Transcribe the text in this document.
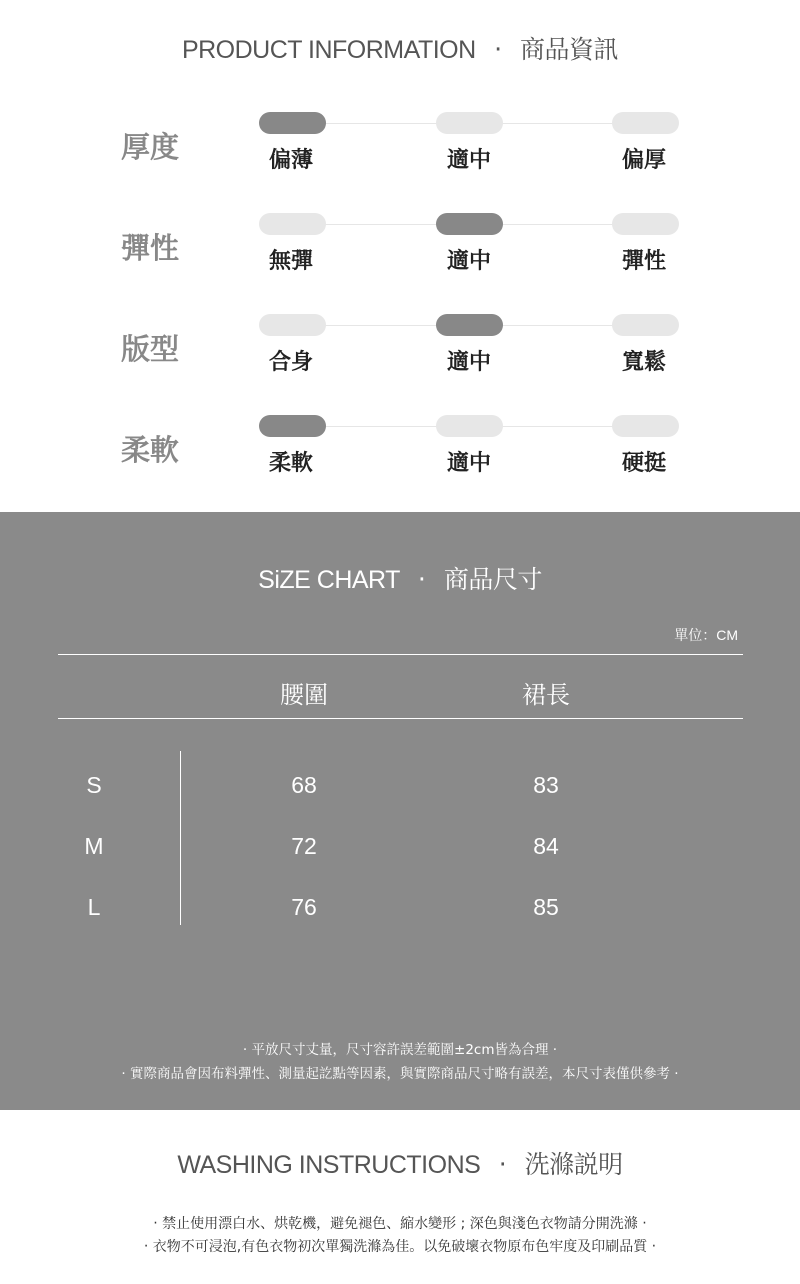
PRODUCT INFORMATION ‧ 商品資訊
厚度	偏薄	適中	偏厚
彈性	無彈	適中	彈性
版型	合身	適中	寬鬆
柔軟	柔軟	適中	硬挺
SiZE CHART ‧ 商品尺寸
單位：CM
腰圍	裙長
S	68	83
M	72	84
L	76	85
‧ 平放尺寸丈量，尺寸容許誤差範圍±2cm皆為合理 ‧
‧ 實際商品會因布料彈性、測量起訖點等因素，與實際商品尺寸略有誤差，本尺寸表僅供參考 ‧
WASHING INSTRUCTIONS ‧ 洗滌説明
‧ 禁止使用漂白水、烘乾機，避免褪色、縮水變形 ; 深色與淺色衣物請分開洗滌 ‧
‧ 衣物不可浸泡,有色衣物初次單獨洗滌為佳。以免破壞衣物原布色牢度及印刷品質 ‧
